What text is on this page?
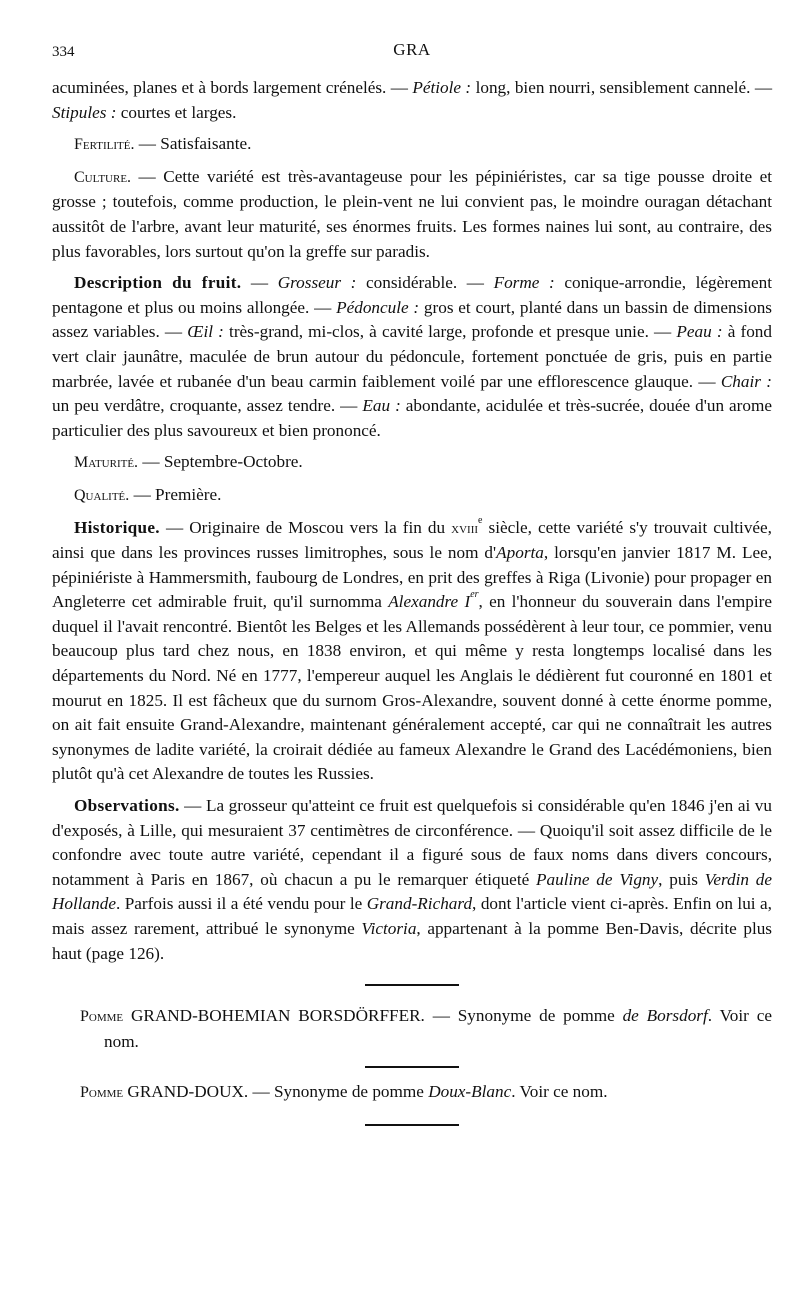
334	GRA

acuminées, planes et à bords largement crénelés. — Pétiole : long, bien nourri, sensiblement cannelé. — Stipules : courtes et larges.

Fertilité. — Satisfaisante.

Culture. — Cette variété est très-avantageuse pour les pépiniéristes, car sa tige pousse droite et grosse ; toutefois, comme production, le plein-vent ne lui convient pas, le moindre ouragan détachant aussitôt de l'arbre, avant leur maturité, ses énormes fruits. Les formes naines lui sont, au contraire, des plus favorables, lors surtout qu'on la greffe sur paradis.

Description du fruit. — Grosseur : considérable. — Forme : conique-arrondie, légèrement pentagone et plus ou moins allongée. — Pédoncule : gros et court, planté dans un bassin de dimensions assez variables. — Œil : très-grand, mi-clos, à cavité large, profonde et presque unie. — Peau : à fond vert clair jaunâtre, maculée de brun autour du pédoncule, fortement ponctuée de gris, puis en partie marbrée, lavée et rubanée d'un beau carmin faiblement voilé par une efflorescence glauque. — Chair : un peu verdâtre, croquante, assez tendre. — Eau : abondante, acidulée et très-sucrée, douée d'un arome particulier des plus savoureux et bien prononcé.

Maturité. — Septembre-Octobre.

Qualité. — Première.

Historique. — Originaire de Moscou vers la fin du xviii$^e$ siècle, cette variété s'y trouvait cultivée, ainsi que dans les provinces russes limitrophes, sous le nom d'Aporta, lorsqu'en janvier 1817 M. Lee, pépiniériste à Hammersmith, faubourg de Londres, en prit des greffes à Riga (Livonie) pour propager en Angleterre cet admirable fruit, qu'il surnomma Alexandre Ier, en l'honneur du souverain dans l'empire duquel il l'avait rencontré. Bientôt les Belges et les Allemands possédèrent à leur tour, ce pommier, venu beaucoup plus tard chez nous, en 1838 environ, et qui même y resta longtemps localisé dans les départements du Nord. Né en 1777, l'empereur auquel les Anglais le dédièrent fut couronné en 1801 et mourut en 1825. Il est fâcheux que du surnom Gros-Alexandre, souvent donné à cette énorme pomme, on ait fait ensuite Grand-Alexandre, maintenant généralement accepté, car qui ne connaîtrait les autres synonymes de ladite variété, la croirait dédiée au fameux Alexandre le Grand des Lacédémoniens, bien plutôt qu'à cet Alexandre de toutes les Russies.

Observations. — La grosseur qu'atteint ce fruit est quelquefois si considérable qu'en 1846 j'en ai vu d'exposés, à Lille, qui mesuraient 37 centimètres de circonférence. — Quoiqu'il soit assez difficile de le confondre avec toute autre variété, cependant il a figuré sous de faux noms dans divers concours, notamment à Paris en 1867, où chacun a pu le remarquer étiqueté Pauline de Vigny, puis Verdin de Hollande. Parfois aussi il a été vendu pour le Grand-Richard, dont l'article vient ci-après. Enfin on lui a, mais assez rarement, attribué le synonyme Victoria, appartenant à la pomme Ben-Davis, décrite plus haut (page 126).

Pomme GRAND-BOHEMIAN BORSDÖRFFER. — Synonyme de pomme de Borsdorf. Voir ce nom.

Pomme GRAND-DOUX. — Synonyme de pomme Doux-Blanc. Voir ce nom.
